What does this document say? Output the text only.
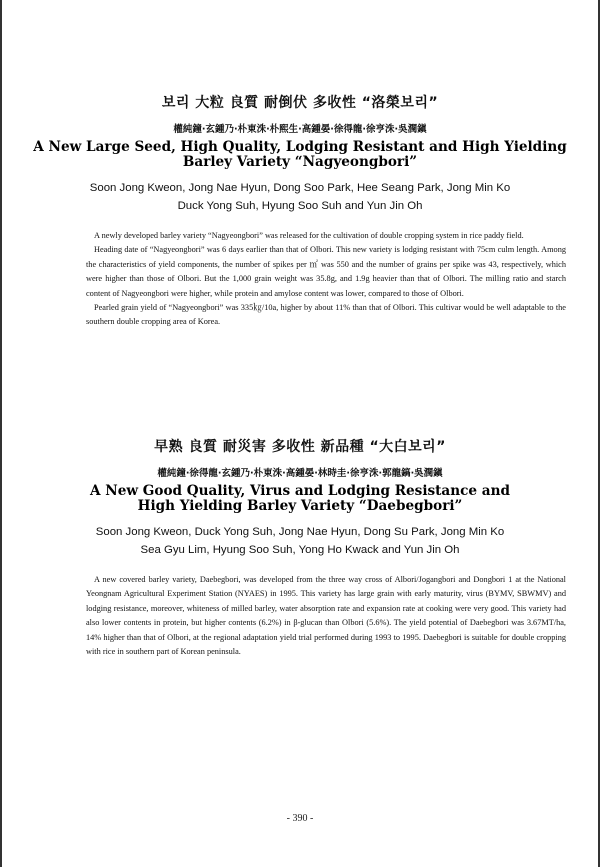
보리 大粒 良質 耐倒伏 多收性 “洛榮보리”
權純鐘·玄鍾乃·朴東洙·朴熙生·高鍾晏·徐得龍·徐亨洙·吳潤鎭
A New Large Seed, High Quality, Lodging Resistant and High Yielding
Barley Variety “Nagyeongbori”
Soon Jong Kweon, Jong Nae Hyun, Dong Soo Park, Hee Seang Park, Jong Min Ko
Duck Yong Suh, Hyung Soo Suh and Yun Jin Oh

A newly developed barley variety “Nagyeongbori” was released for the cultivation of double cropping system in rice paddy field.

Heading date of “Nagyeongbori” was 6 days earlier than that of Olbori. This new variety is lodging resistant with 75cm culm length. Among the characteristics of yield components, the number of spikes per ㎡ was 550 and the number of grains per spike was 43, respectively, which were higher than those of Olbori. But the 1,000 grain weight was 35.8g, and 1.9g heavier than that of Olbori. The milling ratio and starch content of Nagyeongbori were higher, while protein and amylose content was lower, compared to those of Olbori.

Pearled grain yield of “Nagyeongbori” was 335㎏/10a, higher by about 11% than that of Olbori. This cultivar would be well adaptable to the southern double cropping area of Korea.

早熟 良質 耐災害 多收性 新品種 “大白보리”
權純鐘·徐得龍·玄鍾乃·朴東洙·高鍾晏·林時圭·徐亨洙·郭龍鎬·吳潤鎭
A New Good Quality, Virus and Lodging Resistance and
High Yielding Barley Variety “Daebegbori”
Soon Jong Kweon, Duck Yong Suh, Jong Nae Hyun, Dong Su Park, Jong Min Ko
Sea Gyu Lim, Hyung Soo Suh, Yong Ho Kwack and Yun Jin Oh

A new covered barley variety, Daebegbori, was developed from the three way cross of Albori/Jogangbori and Dongbori 1 at the National Yeongnam Agricultural Experiment Station (NYAES) in 1995. This variety has large grain with early maturity, virus (BYMV, SBWMV) and lodging resistance, moreover, whiteness of milled barley, water absorption rate and expansion rate at cooking were very good. This variety had also lower contents in protein, but higher contents (6.2%) in β-glucan than Olbori (5.6%). The yield potential of Daebegbori was 3.67MT/ha, 14% higher than that of Olbori, at the regional adaptation yield trial performed during 1993 to 1995. Daebegbori is suitable for double cropping with rice in southern part of Korean peninsula.

- 390 -
